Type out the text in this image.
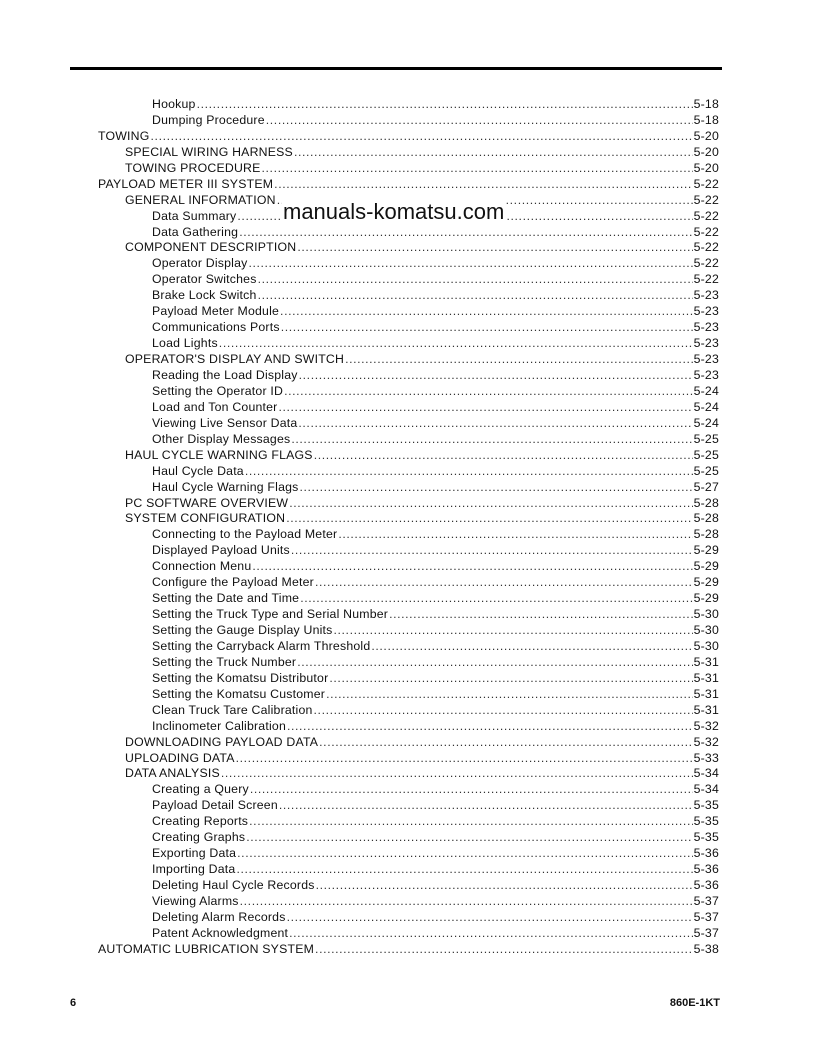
Hookup .....	5-18
Dumping Procedure .....	5-18
TOWING .....	5-20
SPECIAL WIRING HARNESS .....	5-20
TOWING PROCEDURE .....	5-20
PAYLOAD METER III SYSTEM .....	5-22
GENERAL INFORMATION .....	5-22
Data Summary .....	5-22
Data Gathering .....	5-22
COMPONENT DESCRIPTION .....	5-22
Operator Display .....	5-22
Operator Switches .....	5-22
Brake Lock Switch .....	5-23
Payload Meter Module .....	5-23
Communications Ports .....	5-23
Load Lights .....	5-23
OPERATOR'S DISPLAY AND SWITCH .....	5-23
Reading the Load Display .....	5-23
Setting the Operator ID .....	5-24
Load and Ton Counter .....	5-24
Viewing Live Sensor Data .....	5-24
Other Display Messages .....	5-25
HAUL CYCLE WARNING FLAGS .....	5-25
Haul Cycle Data .....	5-25
Haul Cycle Warning Flags .....	5-27
PC SOFTWARE OVERVIEW .....	5-28
SYSTEM CONFIGURATION .....	5-28
Connecting to the Payload Meter .....	5-28
Displayed Payload Units .....	5-29
Connection Menu .....	5-29
Configure the Payload Meter .....	5-29
Setting the Date and Time .....	5-29
Setting the Truck Type and Serial Number .....	5-30
Setting the Gauge Display Units .....	5-30
Setting the Carryback Alarm Threshold .....	5-30
Setting the Truck Number .....	5-31
Setting the Komatsu Distributor .....	5-31
Setting the Komatsu Customer .....	5-31
Clean Truck Tare Calibration .....	5-31
Inclinometer Calibration .....	5-32
DOWNLOADING PAYLOAD DATA .....	5-32
UPLOADING DATA .....	5-33
DATA ANALYSIS .....	5-34
Creating a Query .....	5-34
Payload Detail Screen .....	5-35
Creating Reports .....	5-35
Creating Graphs .....	5-35
Exporting Data .....	5-36
Importing Data .....	5-36
Deleting Haul Cycle Records .....	5-36
Viewing Alarms .....	5-37
Deleting Alarm Records .....	5-37
Patent Acknowledgment .....	5-37
AUTOMATIC LUBRICATION SYSTEM .....	5-38
manuals-komatsu.com
6	860E-1KT
